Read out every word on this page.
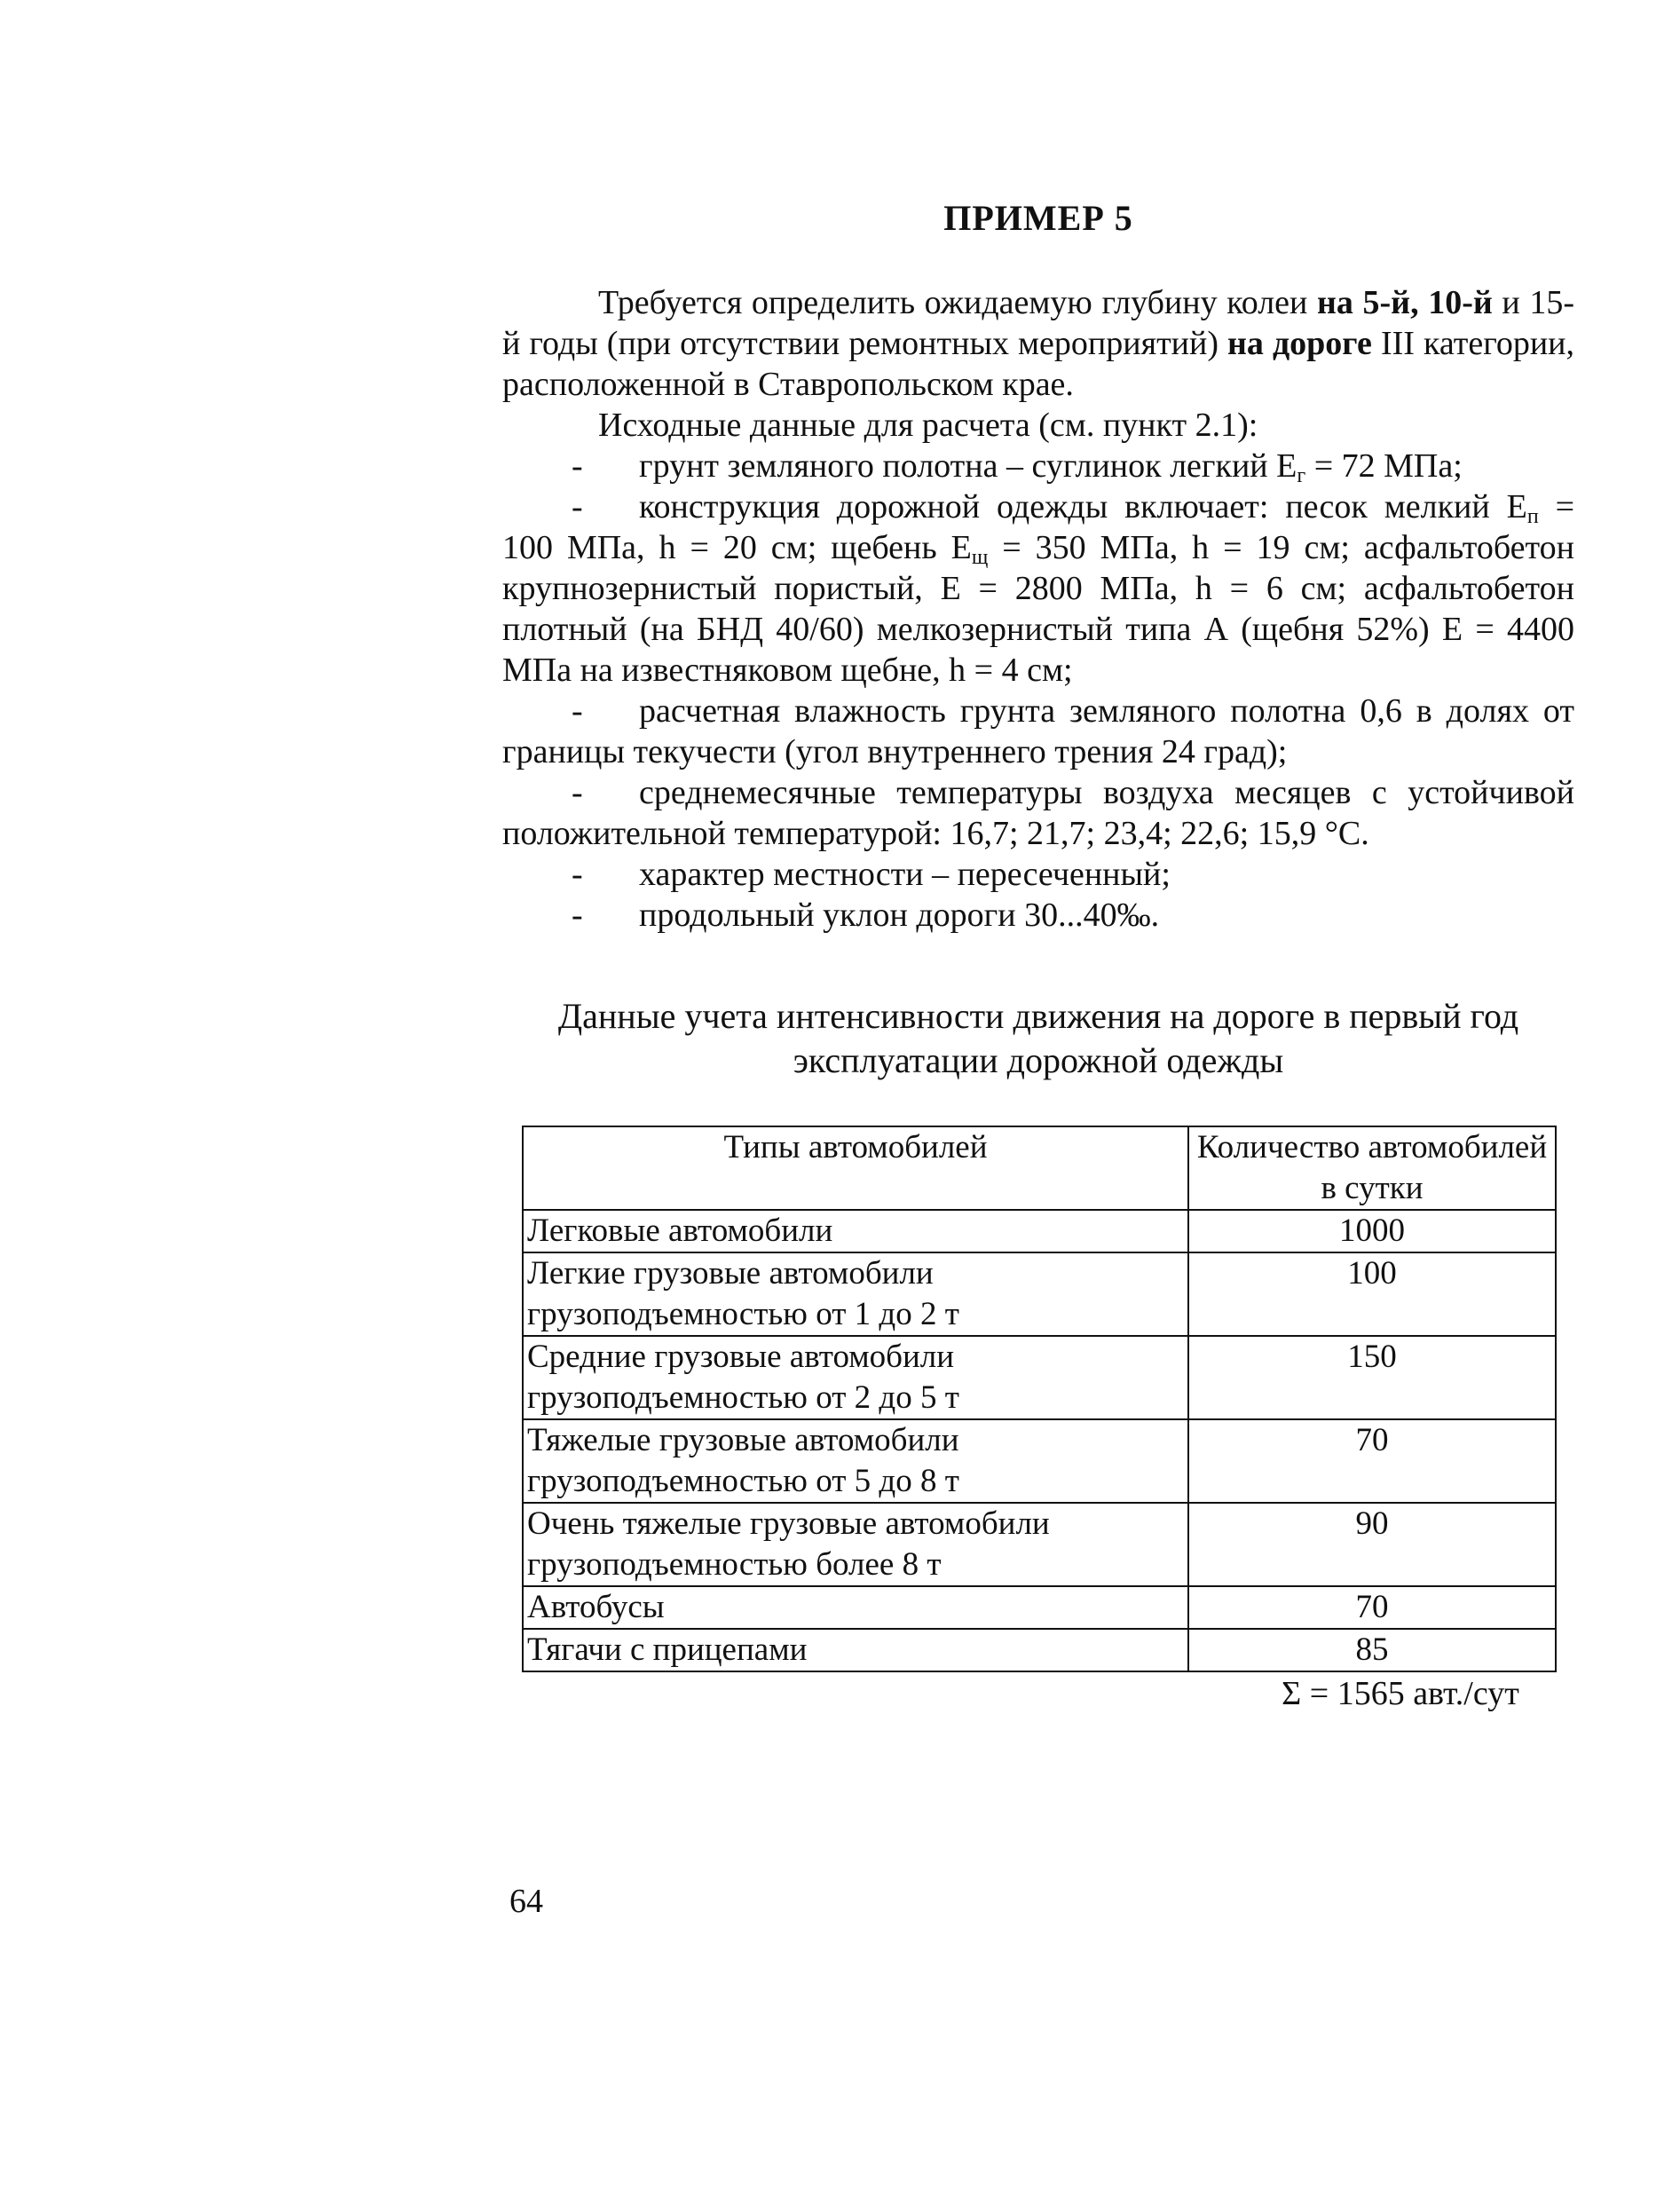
ПРИМЕР 5

Требуется определить ожидаемую глубину колеи на 5-й, 10-й и 15-й годы (при отсутствии ремонтных мероприятий) на дороге III категории, расположенной в Ставропольском крае.

Исходные данные для расчета (см. пункт 2.1):

- грунт земляного полотна – суглинок легкий $E_г = 72$ МПа;

- конструкция дорожной одежды включает: песок мелкий $E_п = 100$ МПа, h = 20 см; щебень $E_щ = 350$ МПа, h = 19 см; асфальтобетон крупнозернистый пористый, E = 2800 МПа, h = 6 см; асфальтобетон плотный (на БНД 40/60) мелкозернистый типа А (щебня 52%) E = 4400 МПа на известняковом щебне, h = 4 см;

- расчетная влажность грунта земляного полотна 0,6 в долях от границы текучести (угол внутреннего трения 24 град);

- среднемесячные температуры воздуха месяцев с устойчивой положительной температурой: 16,7; 21,7; 23,4; 22,6; 15,9 °С.

- характер местности – пересеченный;

- продольный уклон дороги 30...40‰.

Данные учета интенсивности движения на дороге в первый год эксплуатации дорожной одежды
Типы автомобилей	Количество автомобилей в сутки
Легковые автомобили	1000
Легкие грузовые автомобили грузоподъемностью от 1 до 2 т	100
Средние грузовые автомобили грузоподъемностью от 2 до 5 т	150
Тяжелые грузовые автомобили грузоподъемностью от 5 до 8 т	70
Очень тяжелые грузовые автомобили грузоподъемностью более 8 т	90
Автобусы	70
Тягачи с прицепами	85
Σ = 1565 авт./сут
64
